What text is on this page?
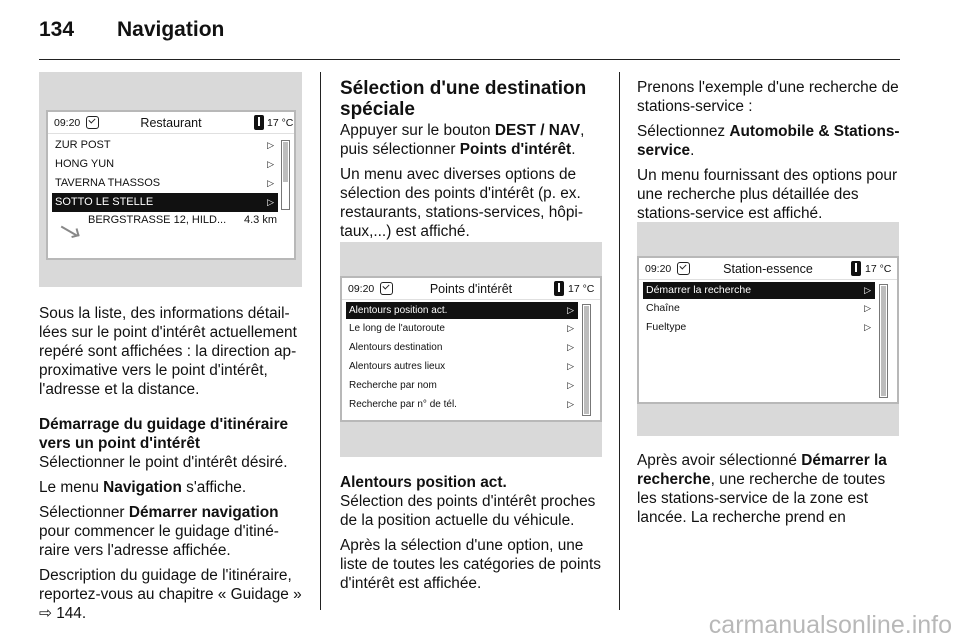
134	Navigation
09:20	Restaurant	17 °C
ZUR POST	▷
HONG YUN	▷
TAVERNA THASSOS	▷
SOTTO LE STELLE	▷
BERGSTRASSE 12, HILD... 4.3 km

Sous la liste, des informations détaillées sur le point d'intérêt actuellement repéré sont affichées : la direction approximative vers le point d'intérêt, l'adresse et la distance.

Démarrage du guidage d'itinéraire vers un point d'intérêt

Sélectionner le point d'intérêt désiré.

Le menu Navigation s'affiche.

Sélectionner Démarrer navigation pour commencer le guidage d'itinéraire vers l'adresse affichée.

Description du guidage de l'itinéraire, reportez-vous au chapitre « Guidage » ⇨ 144.

Sélection d'une destination spéciale

Appuyer sur le bouton DEST / NAV, puis sélectionner Points d'intérêt.

Un menu avec diverses options de sélection des points d'intérêt (p. ex. restaurants, stations-services, hôpitaux,...) est affiché.

09:20	Points d'intérêt	17 °C
Alentours position act.	▷
Le long de l'autoroute	▷
Alentours destination	▷
Alentours autres lieux	▷
Recherche par nom	▷
Recherche par n° de tél.	▷

Alentours position act.

Sélection des points d'intérêt proches de la position actuelle du véhicule.

Après la sélection d'une option, une liste de toutes les catégories de points d'intérêt est affichée.

Prenons l'exemple d'une recherche de stations-service :

Sélectionnez Automobile & Stations-service.

Un menu fournissant des options pour une recherche plus détaillée des stations-service est affiché.

09:20	Station-essence	17 °C
Démarrer la recherche	▷
Chaîne	▷
Fueltype	▷

Après avoir sélectionné Démarrer la recherche, une recherche de toutes les stations-service de la zone est lancée. La recherche prend en

carmanualsonline.info
